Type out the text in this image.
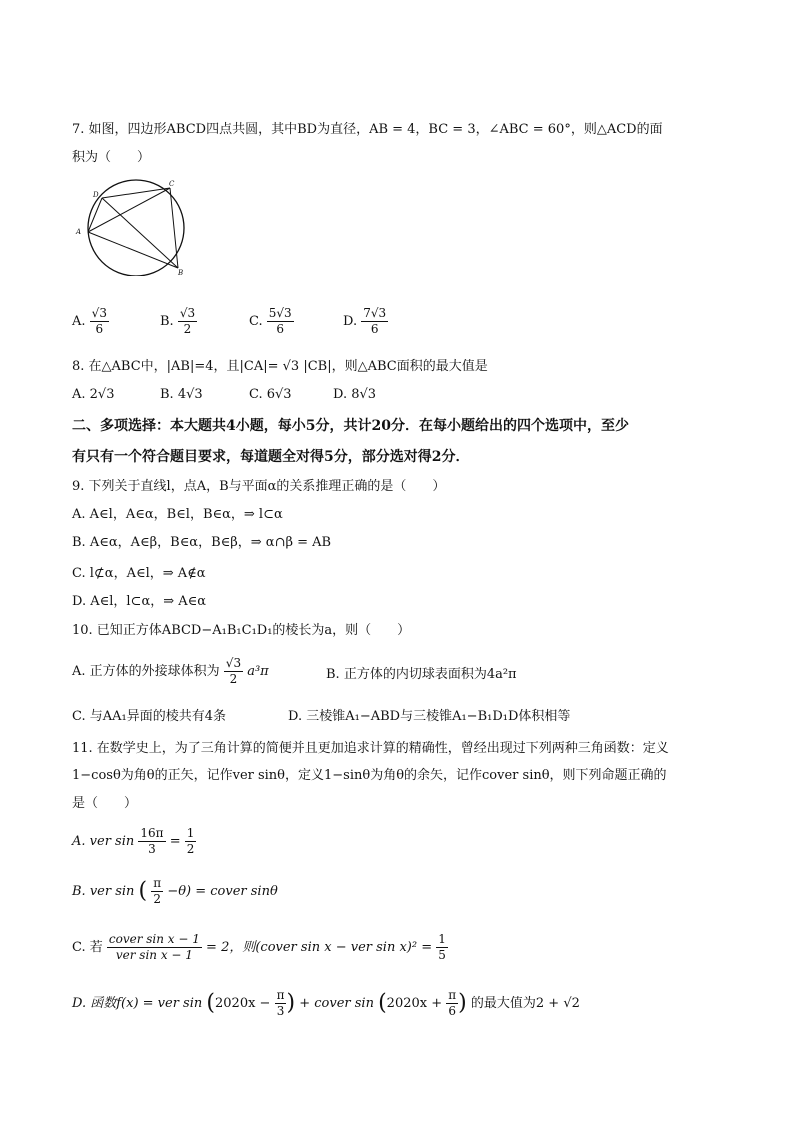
7. 如图，四边形ABCD四点共圆，其中BD为直径，AB = 4，BC = 3，∠ABC = 60°，则△ACD的面
积为（　　）
D
C
A
B
A. $\frac{√3}{6}$	B. $\frac{√3}{2}$	C. $\frac{5√3}{6}$	D. $\frac{7√3}{6}$
8. 在△ABC中，|AB|=4，且|CA|= √3 |CB|，则△ABC面积的最大值是
A. 2√3	B. 4√3	C. 6√3	D. 8√3
二、多项选择：本大题共4小题，每小5分，共计20分．在每小题给出的四个选项中，至少
有只有一个符合题目要求，每道题全对得5分，部分选对得2分．
9. 下列关于直线l，点A，B与平面α的关系推理正确的是（　　）
A. A∈l，A∈α，B∈l，B∈α，⇒ l⊂α
B. A∈α，A∈β，B∈α，B∈β，⇒ α∩β = AB
C. l⊄α，A∈l，⇒ A∉α
D. A∈l，l⊂α，⇒ A∈α
10. 已知正方体ABCD−A₁B₁C₁D₁的棱长为a，则（　　）
A. 正方体的外接球体积为 $\frac{√3}{2} a^3\pi$	B. 正方体的内切球表面积为4a²π
C. 与AA₁异面的棱共有4条	D. 三棱锥A₁−ABD与三棱锥A₁−B₁D₁D体积相等
11. 在数学史上，为了三角计算的简便并且更加追求计算的精确性，曾经出现过下列两种三角函数：定义
1−cosθ为角θ的正矢，记作ver sinθ，定义1−sinθ为角θ的余矢，记作cover sinθ，则下列命题正确的
是（　　）
A. ver $\sin \frac{16\pi}{3} = \frac{1}{2}$
B. ver sin ( $\frac{\pi}{2} -\theta$) = cover sinθ
C. 若 $\frac{\text{cover sin x − 1}}{\text{ver sin x − 1}} = 2$，则(cover sin x − ver $\sin x)^2 = \frac{1}{5}$
D. 函数f(x) = ver $\sin (2020x - \frac{\pi}{3}$ ) + cover $\sin (2020x + \frac{\pi}{6}$ ) 的最大值为2 + √2
